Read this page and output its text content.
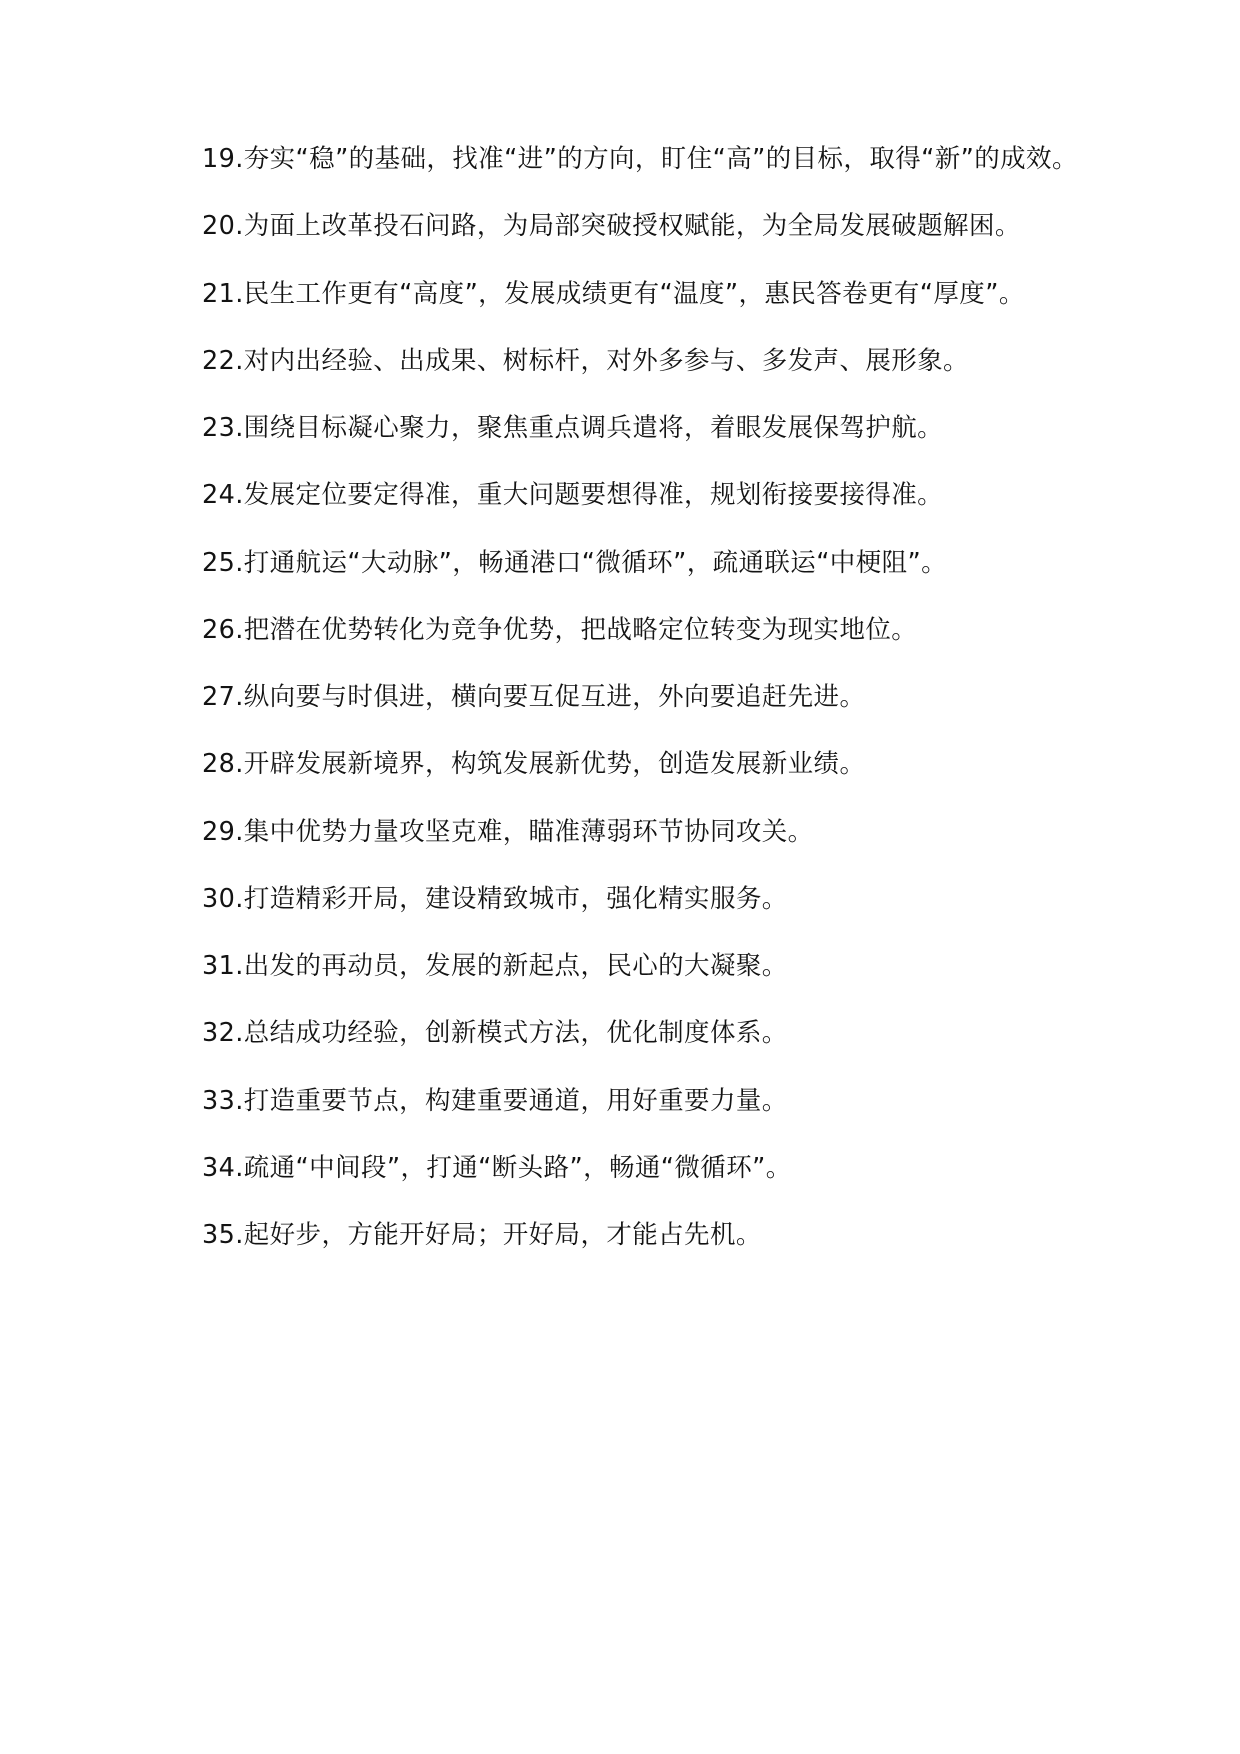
19.夯实“稳”的基础，找准“进”的方向，盯住“高”的目标，取得“新”的成效。

20.为面上改革投石问路，为局部突破授权赋能，为全局发展破题解困。

21.民生工作更有“高度”，发展成绩更有“温度”，惠民答卷更有“厚度”。

22.对内出经验、出成果、树标杆，对外多参与、多发声、展形象。

23.围绕目标凝心聚力，聚焦重点调兵遣将，着眼发展保驾护航。

24.发展定位要定得准，重大问题要想得准，规划衔接要接得准。

25.打通航运“大动脉”，畅通港口“微循环”，疏通联运“中梗阻”。

26.把潜在优势转化为竞争优势，把战略定位转变为现实地位。

27.纵向要与时俱进，横向要互促互进，外向要追赶先进。

28.开辟发展新境界，构筑发展新优势，创造发展新业绩。

29.集中优势力量攻坚克难，瞄准薄弱环节协同攻关。

30.打造精彩开局，建设精致城市，强化精实服务。

31.出发的再动员，发展的新起点，民心的大凝聚。

32.总结成功经验，创新模式方法，优化制度体系。

33.打造重要节点，构建重要通道，用好重要力量。

34.疏通“中间段”，打通“断头路”，畅通“微循环”。

35.起好步，方能开好局；开好局，才能占先机。
